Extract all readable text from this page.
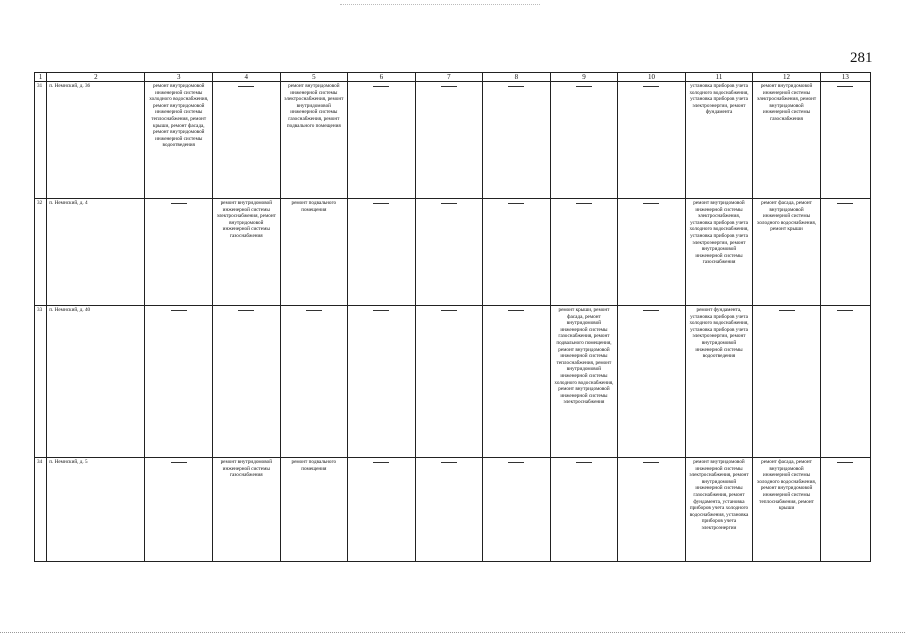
281
1	2	3	4	5	6	7	8	9	10	11	12	13
31	п. Немнский, д. 36	ремонт внутридомовой инженерной системы холодного водоснабжения, ремонт внутридомовой инженерной системы теплоснабжения, ремонт крыши, ремонт фасада, ремонт внутридомовой инженерной системы водоотведения		ремонт внутридомовой инженерной системы электроснабжения, ремонт внутридомовой инженерной системы газоснабжения, ремонт подвального помещения						установка приборов учета холодного водоснабжения, установка приборов учета электроэнергии, ремонт фундамента	ремонт внутридомовой инженерной системы электроснабжения, ремонт внутридомовой инженерной системы газоснабжения	
32	п. Немнский, д. 4		ремонт внутридомовой инженерной системы электроснабжения, ремонт внутридомовой инженерной системы газоснабжения	ремонт подвального помещения						ремонт внутридомовой инженерной системы электроснабжения, установка приборов учета холодного водоснабжения, установка приборов учета электроэнергии, ремонт внутридомовой инженерной системы газоснабжения	ремонт фасада, ремонт внутридомовой инженерной системы холодного водоснабжения, ремонт крыши	
33	п. Немнский, д. 40							ремонт крыши, ремонт фасада, ремонт внутридомовой инженерной системы газоснабжения, ремонт подвального помещения, ремонт внутридомовой инженерной системы теплоснабжения, ремонт внутридомовой инженерной системы холодного водоснабжения, ремонт внутридомовой инженерной системы электроснабжения		ремонт фундамента, установка приборов учета холодного водоснабжения, установка приборов учета электроэнергии, ремонт внутридомовой инженерной системы водоотведения		
34	п. Немнский, д. 5		ремонт внутридомовой инженерной системы газоснабжения	ремонт подвального помещения						ремонт внутридомовой инженерной системы электроснабжения, ремонт внутридомовой инженерной системы газоснабжения, ремонт фундамента, установка приборов учета холодного водоснабжения, установка приборов учета электроэнергии	ремонт фасада, ремонт внутридомовой инженерной системы холодного водоснабжения, ремонт внутридомовой инженерной системы теплоснабжения, ремонт крыши	
